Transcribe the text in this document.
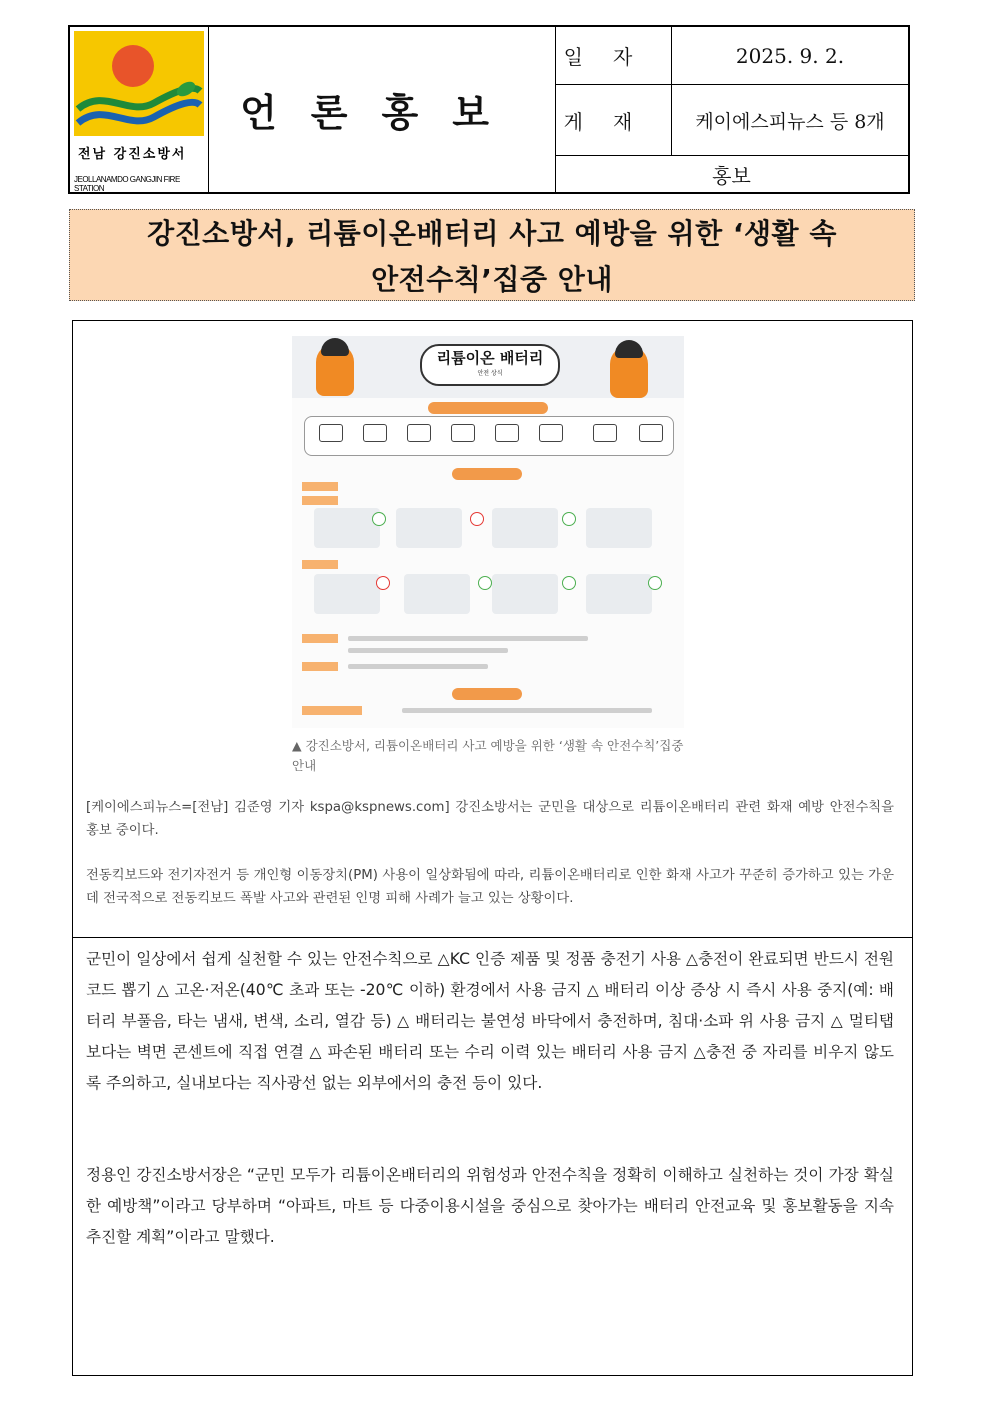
전남 강진소방서
JEOLLANAMDO GANGJIN FIRE STATION
언론홍보
일자	2025. 9. 2.
게재	케이에스피뉴스 등 8개
홍보

강진소방서, 리튬이온배터리 사고 예방을 위한 ‘생활 속

안전수칙’집중 안내

리튬이온 배터리
안전 상식
▲ 강진소방서, 리튬이온배터리 사고 예방을 위한 ‘생활 속 안전수칙’집중 안내
[케이에스피뉴스=[전남] 김준영 기자 kspa@kspnews.com] 강진소방서는 군민을 대상으로 리튬이온배터리 관련 화재 예방 안전수칙을 홍보 중이다.
전동킥보드와 전기자전거 등 개인형 이동장치(PM) 사용이 일상화됨에 따라, 리튬이온배터리로 인한 화재 사고가 꾸준히 증가하고 있는 가운데 전국적으로 전동킥보드 폭발 사고와 관련된 인명 피해 사례가 늘고 있는 상황이다.
군민이 일상에서 쉽게 실천할 수 있는 안전수칙으로 △KC 인증 제품 및 정품 충전기 사용 △충전이 완료되면 반드시 전원 코드 뽑기 △ 고온·저온(40℃ 초과 또는 -20℃ 이하) 환경에서 사용 금지 △ 배터리 이상 증상 시 즉시 사용 중지(예: 배터리 부풀음, 타는 냄새, 변색, 소리, 열감 등) △ 배터리는 불연성 바닥에서 충전하며, 침대·소파 위 사용 금지 △ 멀티탭보다는 벽면 콘센트에 직접 연결 △ 파손된 배터리 또는 수리 이력 있는 배터리 사용 금지 △충전 중 자리를 비우지 않도록 주의하고, 실내보다는 직사광선 없는 외부에서의 충전 등이 있다.
정용인 강진소방서장은 “군민 모두가 리튬이온배터리의 위험성과 안전수칙을 정확히 이해하고 실천하는 것이 가장 확실한 예방책”이라고 당부하며 “아파트, 마트 등 다중이용시설을 중심으로 찾아가는 배터리 안전교육 및 홍보활동을 지속 추진할 계획”이라고 말했다.
